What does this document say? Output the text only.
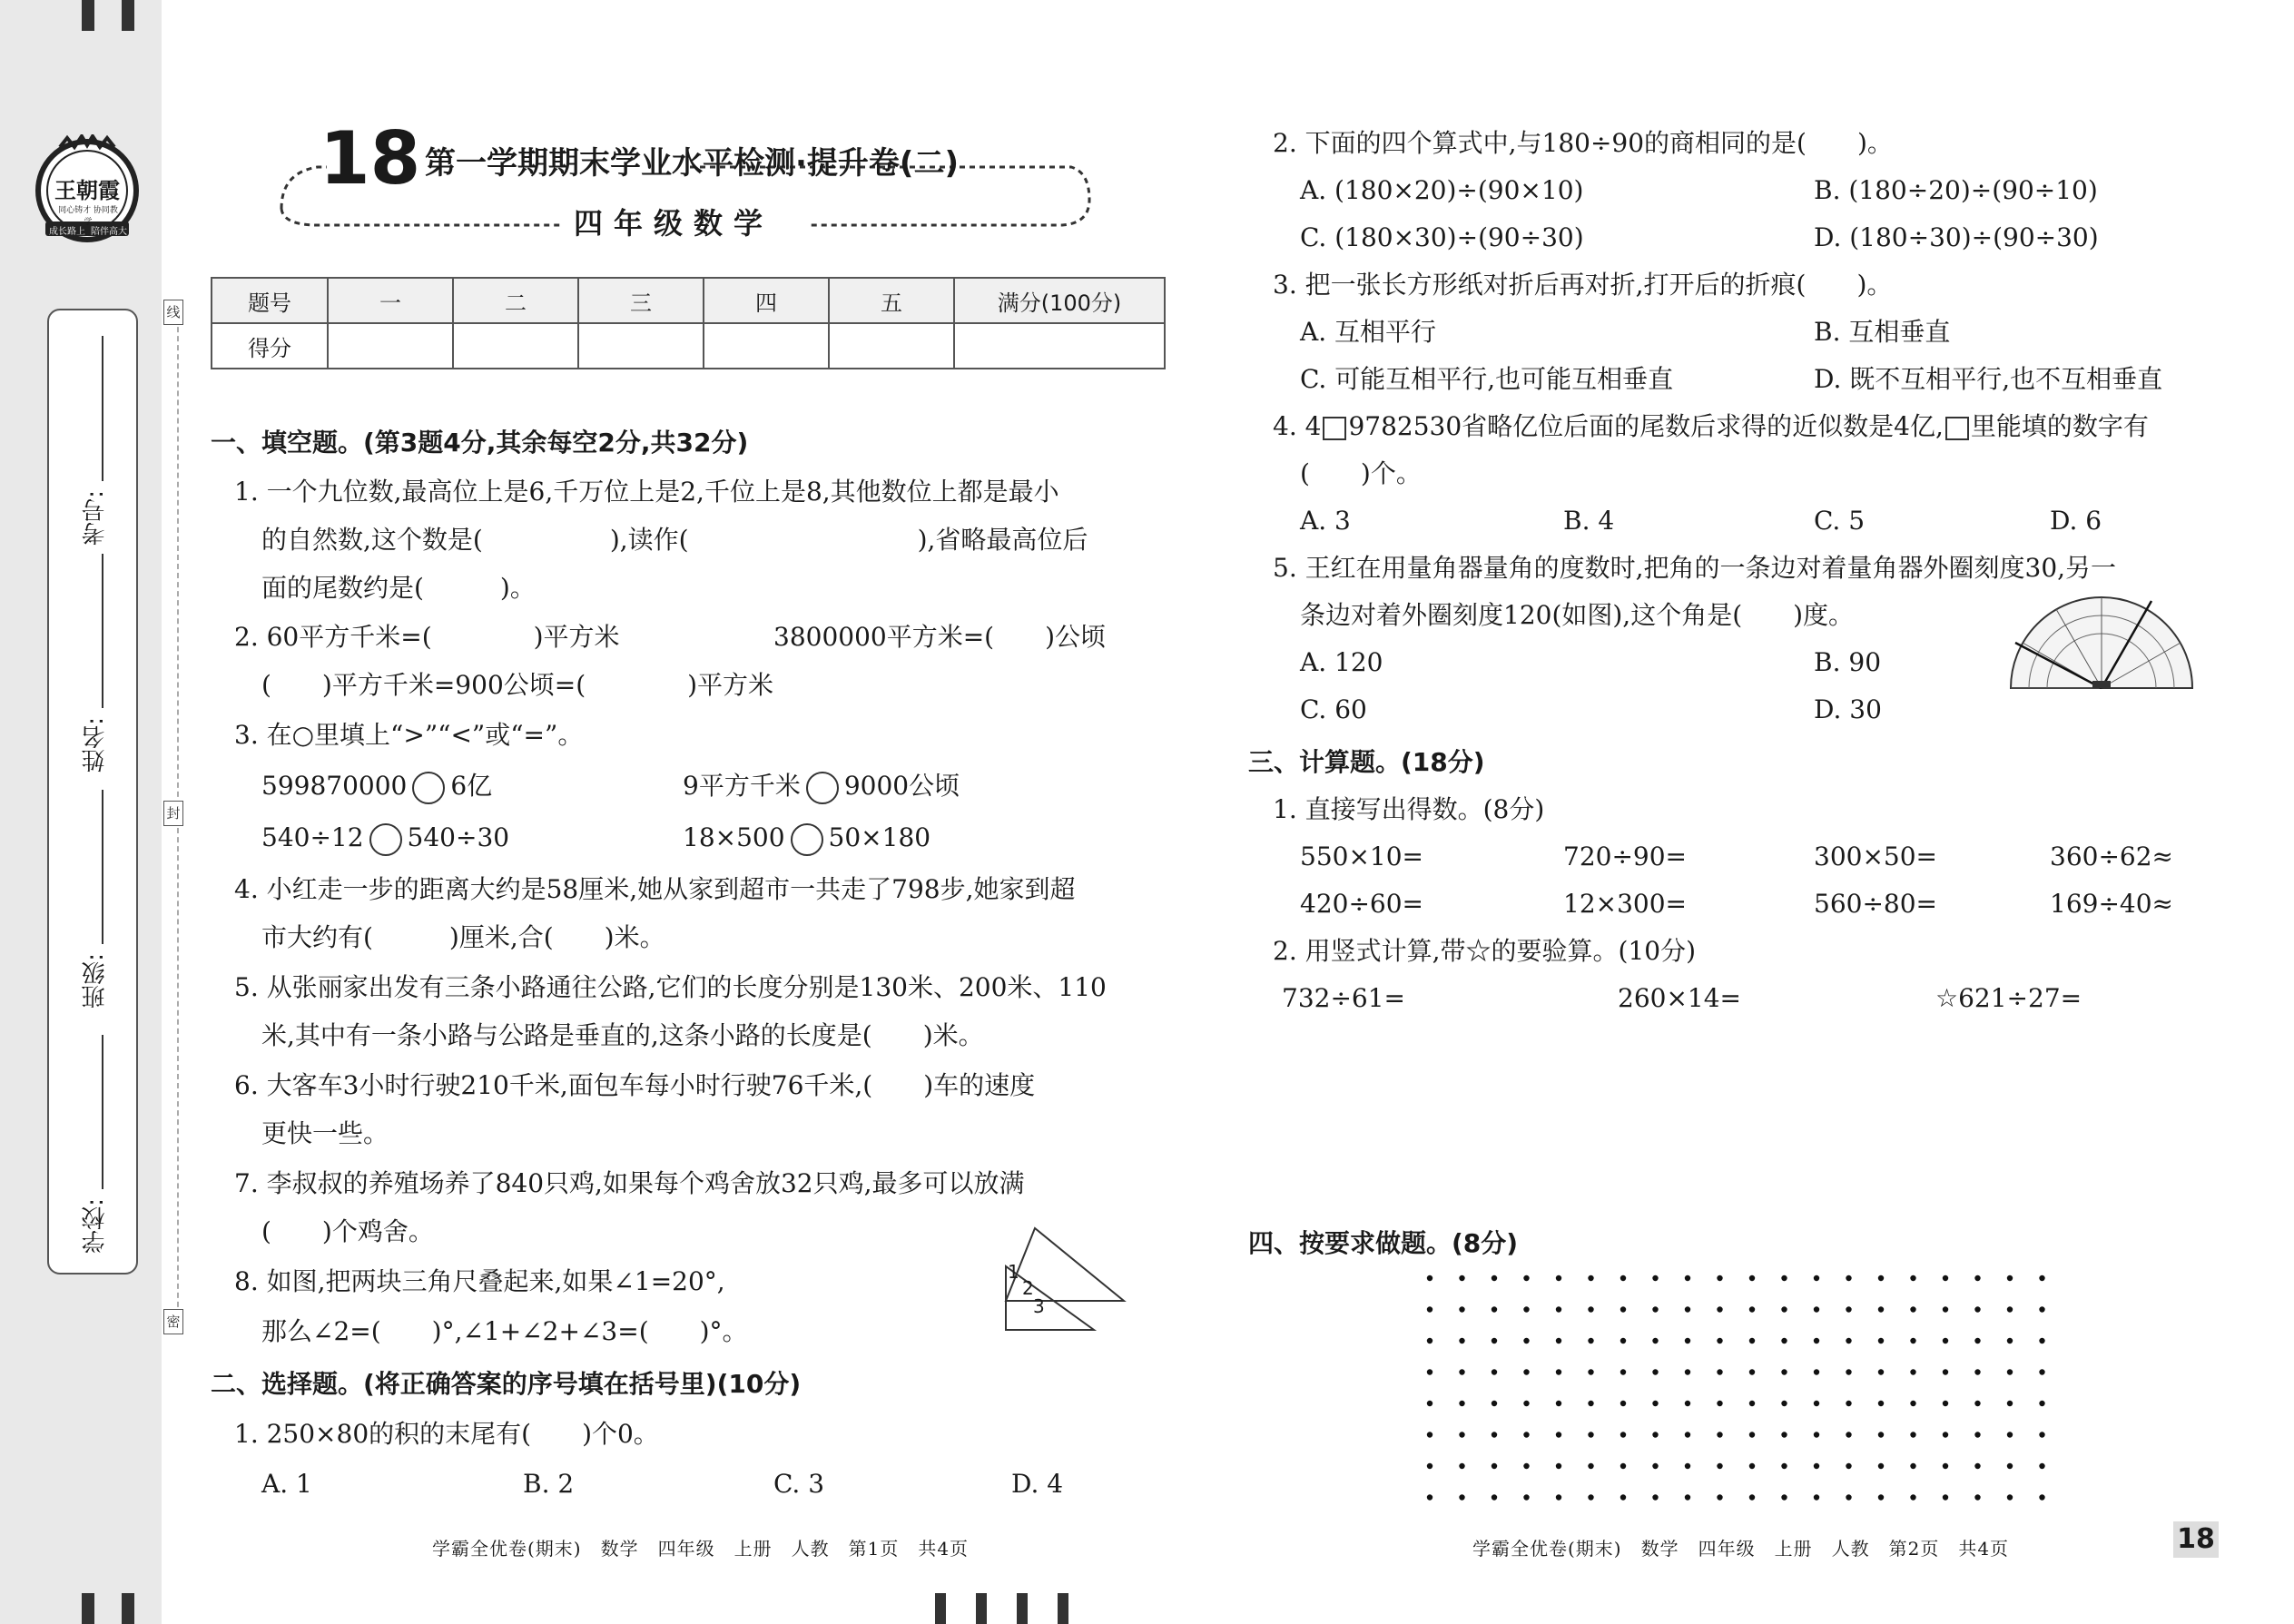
王朝霞
同心铸才 协同教学
成长路上 陪伴高大
考号:
姓名:
班级:
学校:
线
封
密
18 第一学期期末学业水平检测·提升卷(二)
四年级数学
题号	一	二	三	四	五	满分(100分)
得分						
一、填空题。(第3题4分,其余每空2分,共32分)
1. 一个九位数,最高位上是6,千万位上是2,千位上是8,其他数位上都是最小
的自然数,这个数是(　　　　　),读作(　　　　　　　　　),省略最高位后
面的尾数约是(　　　)。
2. 60平方千米=(　　　　)平方米	3800000平方米=(　　)公顷
(　　)平方千米=900公顷=(　　　　)平方米
3. 在○里填上“>”“<”或“=”。
599870000 6亿	9平方千米 9000公顷
540÷12 540÷30	18×500 50×180
4. 小红走一步的距离大约是58厘米,她从家到超市一共走了798步,她家到超
市大约有(　　　)厘米,合(　　)米。
5. 从张丽家出发有三条小路通往公路,它们的长度分别是130米、200米、110
米,其中有一条小路与公路是垂直的,这条小路的长度是(　　)米。
6. 大客车3小时行驶210千米,面包车每小时行驶76千米,(　　)车的速度
更快一些。
7. 李叔叔的养殖场养了840只鸡,如果每个鸡舍放32只鸡,最多可以放满
(　　)个鸡舍。
8. 如图,把两块三角尺叠起来,如果∠1=20°,
那么∠2=(　　)°,∠1+∠2+∠3=(　　)°。
1
2
3
二、选择题。(将正确答案的序号填在括号里)(10分)
1. 250×80的积的末尾有(　　)个0。
A. 1	B. 2	C. 3	D. 4
2. 下面的四个算式中,与180÷90的商相同的是(　　)。
A. (180×20)÷(90×10)	B. (180÷20)÷(90÷10)
C. (180×30)÷(90÷30)	D. (180÷30)÷(90÷30)
3. 把一张长方形纸对折后再对折,打开后的折痕(　　)。
A. 互相平行	B. 互相垂直
C. 可能互相平行,也可能互相垂直	D. 既不互相平行,也不互相垂直
4. 4 9782530省略亿位后面的尾数后求得的近似数是4亿, 里能填的数字有
(　　)个。
A. 3	B. 4	C. 5	D. 6
5. 王红在用量角器量角的度数时,把角的一条边对着量角器外圈刻度30,另一
条边对着外圈刻度120(如图),这个角是(　　)度。
A. 120	B. 90
C. 60	D. 30
三、计算题。(18分)
1. 直接写出得数。(8分)
550×10=	720÷90=	300×50=	360÷62≈
420÷60=	12×300=	560÷80=	169÷40≈
2. 用竖式计算,带☆的要验算。(10分)
732÷61=	260×14=	☆621÷27=
四、按要求做题。(8分)
学霸全优卷(期末)　数学　四年级　上册　人教　第1页　共4页	学霸全优卷(期末)　数学　四年级　上册　人教　第2页　共4页	18
